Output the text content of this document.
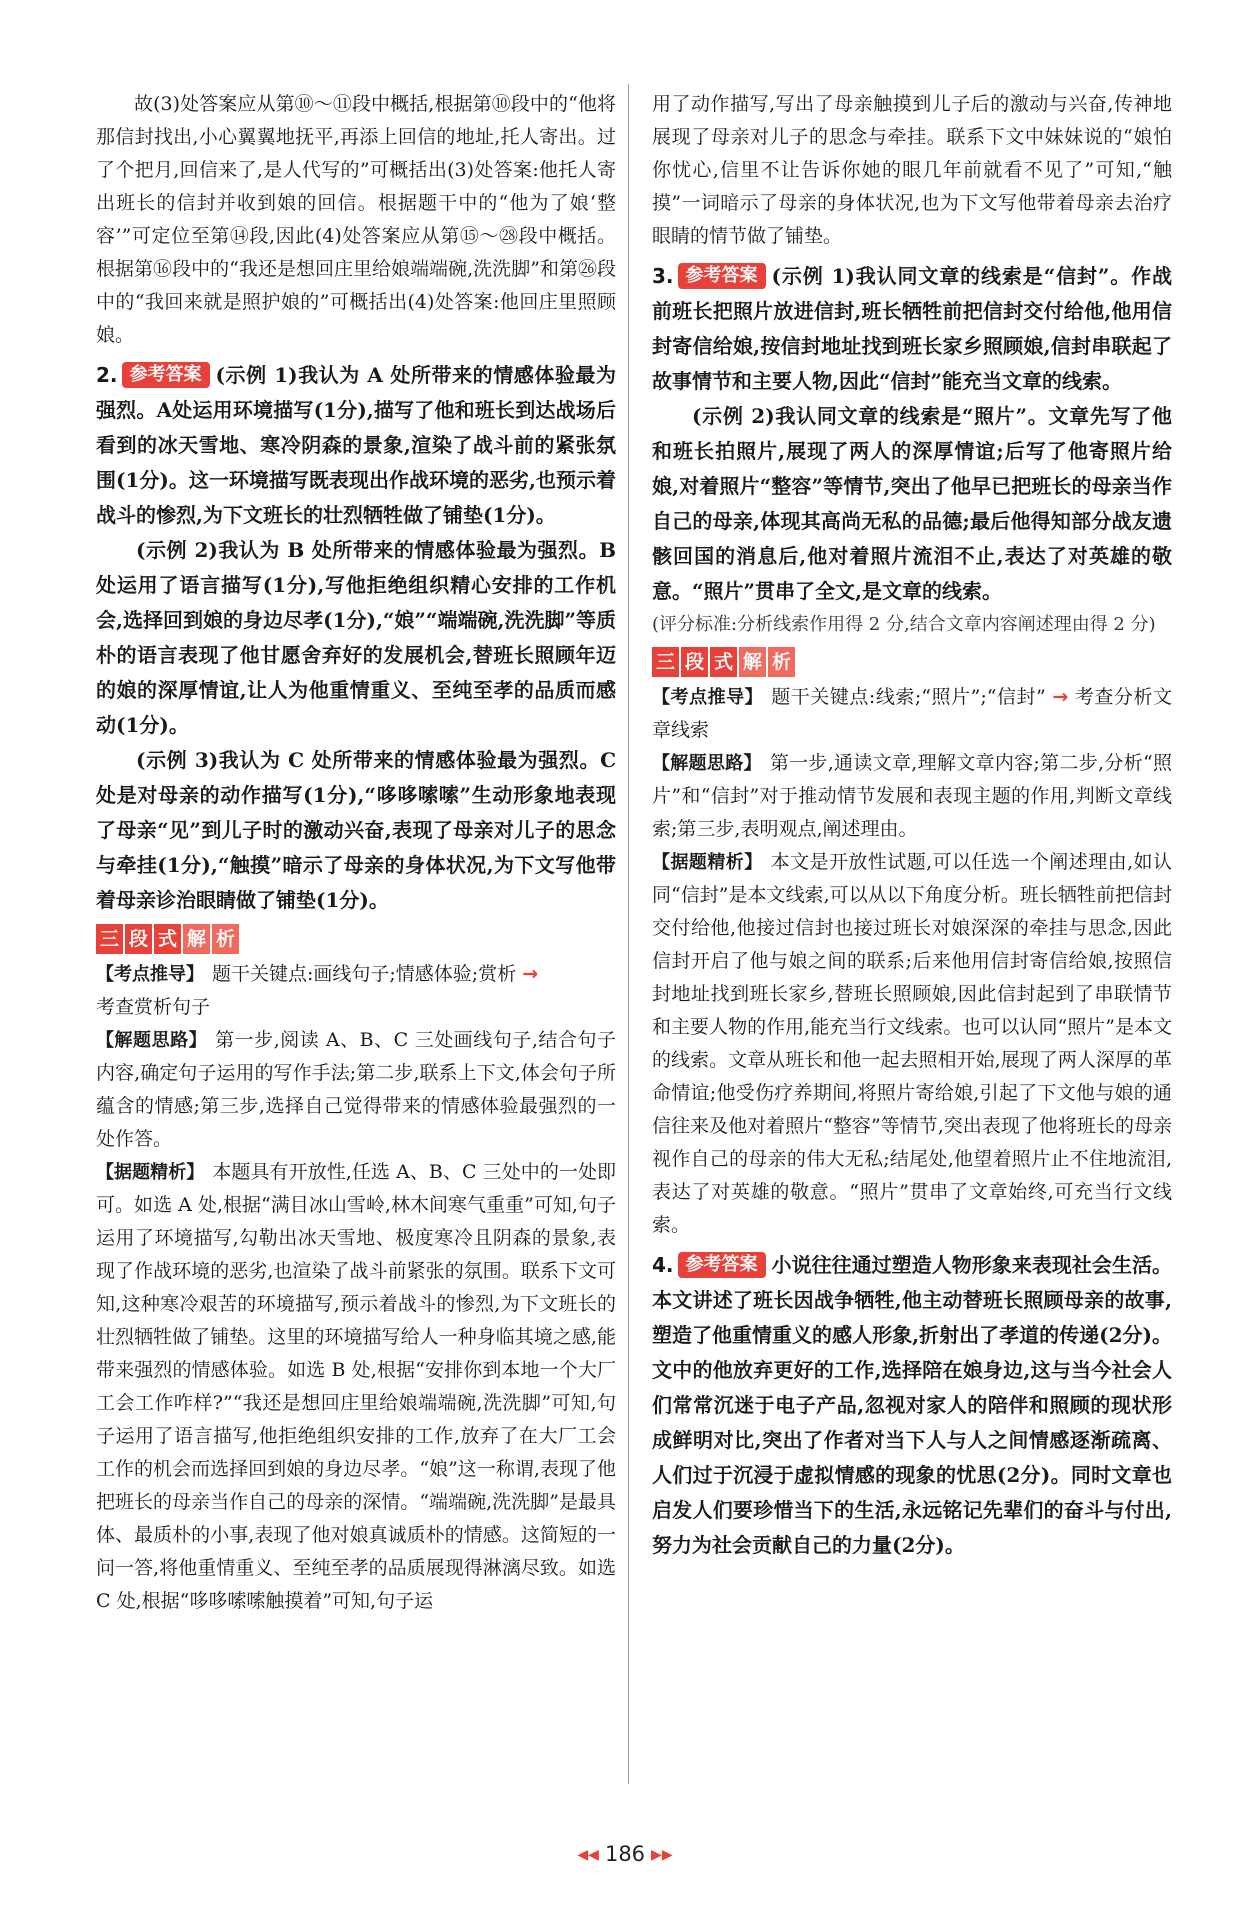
故(3)处答案应从第⑩～⑪段中概括,根据第⑩段中的“他将那信封找出,小心翼翼地抚平,再添上回信的地址,托人寄出。过了个把月,回信来了,是人代写的”可概括出(3)处答案:他托人寄出班长的信封并收到娘的回信。根据题干中的“他为了娘‘整容’”可定位至第⑭段,因此(4)处答案应从第⑮～㉘段中概括。根据第⑯段中的“我还是想回庄里给娘端端碗,洗洗脚”和第㉖段中的“我回来就是照护娘的”可概括出(4)处答案:他回庄里照顾娘。

2. 参考答案 (示例 1)我认为 A 处所带来的情感体验最为强烈。A处运用环境描写(1分),描写了他和班长到达战场后看到的冰天雪地、寒冷阴森的景象,渲染了战斗前的紧张氛围(1分)。这一环境描写既表现出作战环境的恶劣,也预示着战斗的惨烈,为下文班长的壮烈牺牲做了铺垫(1分)。

(示例 2)我认为 B 处所带来的情感体验最为强烈。B处运用了语言描写(1分),写他拒绝组织精心安排的工作机会,选择回到娘的身边尽孝(1分),“娘”“端端碗,洗洗脚”等质朴的语言表现了他甘愿舍弃好的发展机会,替班长照顾年迈的娘的深厚情谊,让人为他重情重义、至纯至孝的品质而感动(1分)。

(示例 3)我认为 C 处所带来的情感体验最为强烈。C处是对母亲的动作描写(1分),“哆哆嗦嗦”生动形象地表现了母亲“见”到儿子时的激动兴奋,表现了母亲对儿子的思念与牵挂(1分),“触摸”暗示了母亲的身体状况,为下文写他带着母亲诊治眼睛做了铺垫(1分)。

三 段 式 解 析

【考点推导】 题干关键点:画线句子;情感体验;赏析 →
考查赏析句子

【解题思路】 第一步,阅读 A、B、C 三处画线句子,结合句子内容,确定句子运用的写作手法;第二步,联系上下文,体会句子所蕴含的情感;第三步,选择自己觉得带来的情感体验最强烈的一处作答。

【据题精析】 本题具有开放性,任选 A、B、C 三处中的一处即可。如选 A 处,根据“满目冰山雪岭,林木间寒气重重”可知,句子运用了环境描写,勾勒出冰天雪地、极度寒冷且阴森的景象,表现了作战环境的恶劣,也渲染了战斗前紧张的氛围。联系下文可知,这种寒冷艰苦的环境描写,预示着战斗的惨烈,为下文班长的壮烈牺牲做了铺垫。这里的环境描写给人一种身临其境之感,能带来强烈的情感体验。如选 B 处,根据“安排你到本地一个大厂工会工作咋样?”“我还是想回庄里给娘端端碗,洗洗脚”可知,句子运用了语言描写,他拒绝组织安排的工作,放弃了在大厂工会工作的机会而选择回到娘的身边尽孝。“娘”这一称谓,表现了他把班长的母亲当作自己的母亲的深情。“端端碗,洗洗脚”是最具体、最质朴的小事,表现了他对娘真诚质朴的情感。这简短的一问一答,将他重情重义、至纯至孝的品质展现得淋漓尽致。如选 C 处,根据“哆哆嗦嗦触摸着”可知,句子运

用了动作描写,写出了母亲触摸到儿子后的激动与兴奋,传神地展现了母亲对儿子的思念与牵挂。联系下文中妹妹说的“娘怕你忧心,信里不让告诉你她的眼几年前就看不见了”可知,“触摸”一词暗示了母亲的身体状况,也为下文写他带着母亲去治疗眼睛的情节做了铺垫。

3. 参考答案 (示例 1)我认同文章的线索是“信封”。作战前班长把照片放进信封,班长牺牲前把信封交付给他,他用信封寄信给娘,按信封地址找到班长家乡照顾娘,信封串联起了故事情节和主要人物,因此“信封”能充当文章的线索。

(示例 2)我认同文章的线索是“照片”。文章先写了他和班长拍照片,展现了两人的深厚情谊;后写了他寄照片给娘,对着照片“整容”等情节,突出了他早已把班长的母亲当作自己的母亲,体现其高尚无私的品德;最后他得知部分战友遗骸回国的消息后,他对着照片流泪不止,表达了对英雄的敬意。“照片”贯串了全文,是文章的线索。

(评分标准:分析线索作用得 2 分,结合文章内容阐述理由得 2 分)

三 段 式 解 析

【考点推导】 题干关键点:线索;“照片”;“信封” → 考查分析文章线索

【解题思路】 第一步,通读文章,理解文章内容;第二步,分析“照片”和“信封”对于推动情节发展和表现主题的作用,判断文章线索;第三步,表明观点,阐述理由。

【据题精析】 本文是开放性试题,可以任选一个阐述理由,如认同“信封”是本文线索,可以从以下角度分析。班长牺牲前把信封交付给他,他接过信封也接过班长对娘深深的牵挂与思念,因此信封开启了他与娘之间的联系;后来他用信封寄信给娘,按照信封地址找到班长家乡,替班长照顾娘,因此信封起到了串联情节和主要人物的作用,能充当行文线索。也可以认同“照片”是本文的线索。文章从班长和他一起去照相开始,展现了两人深厚的革命情谊;他受伤疗养期间,将照片寄给娘,引起了下文他与娘的通信往来及他对着照片“整容”等情节,突出表现了他将班长的母亲视作自己的母亲的伟大无私;结尾处,他望着照片止不住地流泪,表达了对英雄的敬意。“照片”贯串了文章始终,可充当行文线索。

4. 参考答案 小说往往通过塑造人物形象来表现社会生活。本文讲述了班长因战争牺牲,他主动替班长照顾母亲的故事,塑造了他重情重义的感人形象,折射出了孝道的传递(2分)。文中的他放弃更好的工作,选择陪在娘身边,这与当今社会人们常常沉迷于电子产品,忽视对家人的陪伴和照顾的现状形成鲜明对比,突出了作者对当下人与人之间情感逐渐疏离、人们过于沉浸于虚拟情感的现象的忧思(2分)。同时文章也启发人们要珍惜当下的生活,永远铭记先辈们的奋斗与付出,努力为社会贡献自己的力量(2分)。

◀◀ 186 ▶▶
